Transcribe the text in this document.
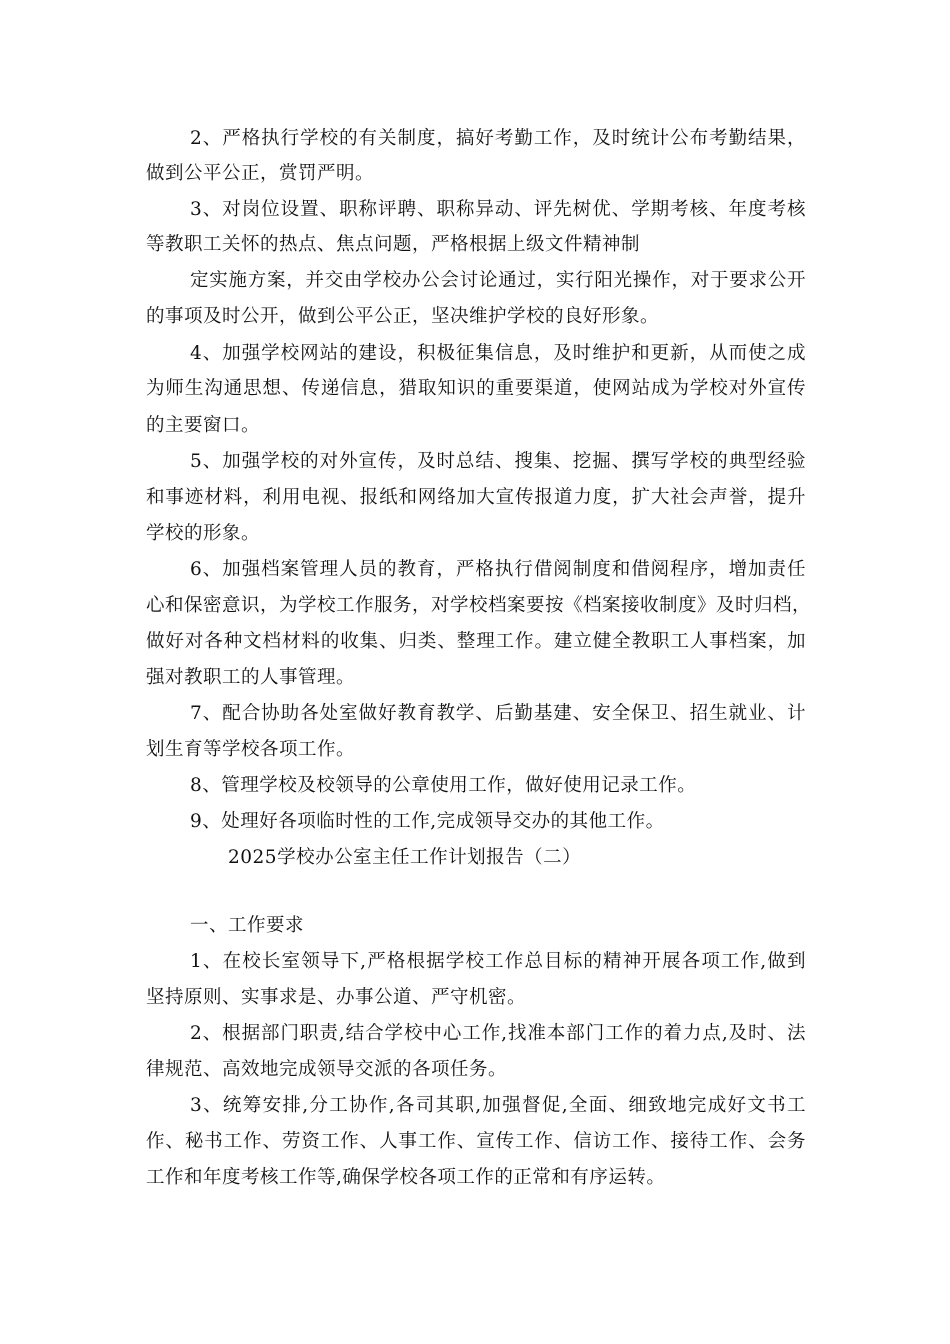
2、严格执行学校的有关制度，搞好考勤工作，及时统计公布考勤结果，
做到公平公正，赏罚严明。
3、对岗位设置、职称评聘、职称异动、评先树优、学期考核、年度考核
等教职工关怀的热点、焦点问题，严格根据上级文件精神制
定实施方案，并交由学校办公会讨论通过，实行阳光操作，对于要求公开
的事项及时公开，做到公平公正，坚决维护学校的良好形象。
4、加强学校网站的建设，积极征集信息，及时维护和更新，从而使之成
为师生沟通思想、传递信息，猎取知识的重要渠道，使网站成为学校对外宣传
的主要窗口。
5、加强学校的对外宣传，及时总结、搜集、挖掘、撰写学校的典型经验
和事迹材料，利用电视、报纸和网络加大宣传报道力度，扩大社会声誉，提升
学校的形象。
6、加强档案管理人员的教育，严格执行借阅制度和借阅程序，增加责任
心和保密意识，为学校工作服务，对学校档案要按《档案接收制度》及时归档，
做好对各种文档材料的收集、归类、整理工作。建立健全教职工人事档案，加
强对教职工的人事管理。
7、配合协助各处室做好教育教学、后勤基建、安全保卫、招生就业、计
划生育等学校各项工作。
8、管理学校及校领导的公章使用工作，做好使用记录工作。
9、处理好各项临时性的工作,完成领导交办的其他工作。
2025学校办公室主任工作计划报告（二）
一、工作要求
1、在校长室领导下,严格根据学校工作总目标的精神开展各项工作,做到
坚持原则、实事求是、办事公道、严守机密。
2、根据部门职责,结合学校中心工作,找准本部门工作的着力点,及时、法
律规范、高效地完成领导交派的各项任务。
3、统筹安排,分工协作,各司其职,加强督促,全面、细致地完成好文书工
作、秘书工作、劳资工作、人事工作、宣传工作、信访工作、接待工作、会务
工作和年度考核工作等,确保学校各项工作的正常和有序运转。
